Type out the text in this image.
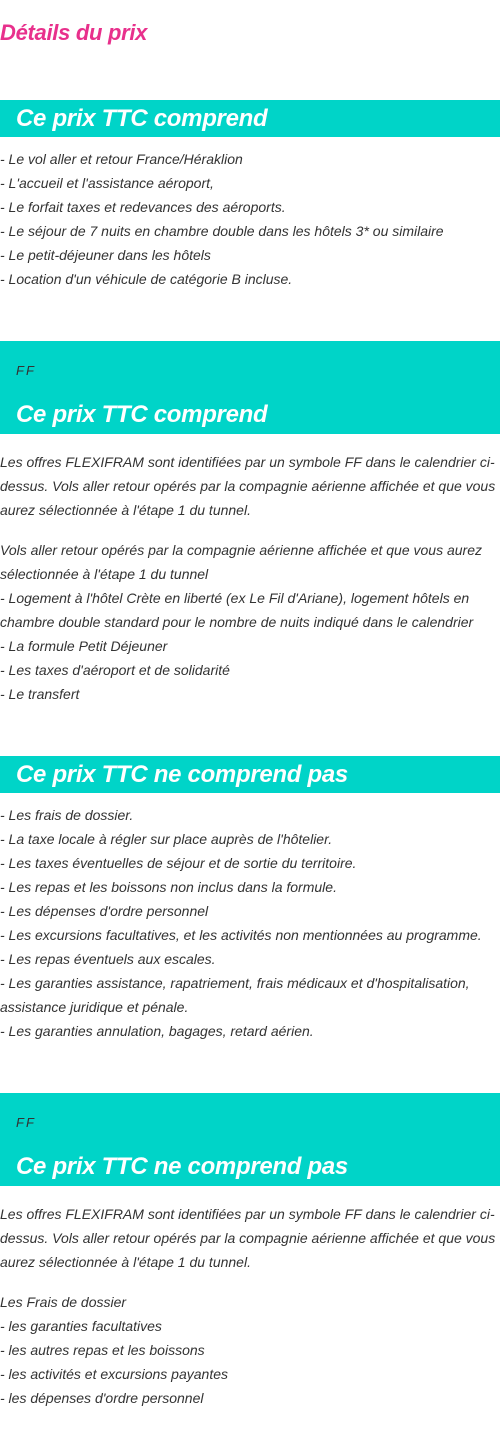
Détails du prix
Ce prix TTC comprend
- Le vol aller et retour France/Héraklion
- L'accueil et l'assistance aéroport,
- Le forfait taxes et redevances des aéroports.
- Le séjour de 7 nuits en chambre double dans les hôtels 3* ou similaire
- Le petit-déjeuner dans les hôtels
- Location d'un véhicule de catégorie B incluse.
FF
Ce prix TTC comprend

Les offres FLEXIFRAM sont identifiées par un symbole FF dans le calendrier ci-dessus. Vols aller retour opérés par la compagnie aérienne affichée et que vous aurez sélectionnée à l'étape 1 du tunnel.

Vols aller retour opérés par la compagnie aérienne affichée et que vous aurez sélectionnée à l'étape 1 du tunnel
- Logement à l'hôtel Crète en liberté (ex Le Fil d'Ariane), logement hôtels en chambre double standard pour le nombre de nuits indiqué dans le calendrier
- La formule Petit Déjeuner
- Les taxes d'aéroport et de solidarité
- Le transfert
Ce prix TTC ne comprend pas
- Les frais de dossier.
- La taxe locale à régler sur place auprès de l'hôtelier.
- Les taxes éventuelles de séjour et de sortie du territoire.
- Les repas et les boissons non inclus dans la formule.
- Les dépenses d'ordre personnel
- Les excursions facultatives, et les activités non mentionnées au programme.
- Les repas éventuels aux escales.
- Les garanties assistance, rapatriement, frais médicaux et d'hospitalisation, assistance juridique et pénale.
- Les garanties annulation, bagages, retard aérien.
FF
Ce prix TTC ne comprend pas

Les offres FLEXIFRAM sont identifiées par un symbole FF dans le calendrier ci-dessus. Vols aller retour opérés par la compagnie aérienne affichée et que vous aurez sélectionnée à l'étape 1 du tunnel.

Les Frais de dossier
- les garanties facultatives
- les autres repas et les boissons
- les activités et excursions payantes
- les dépenses d'ordre personnel
